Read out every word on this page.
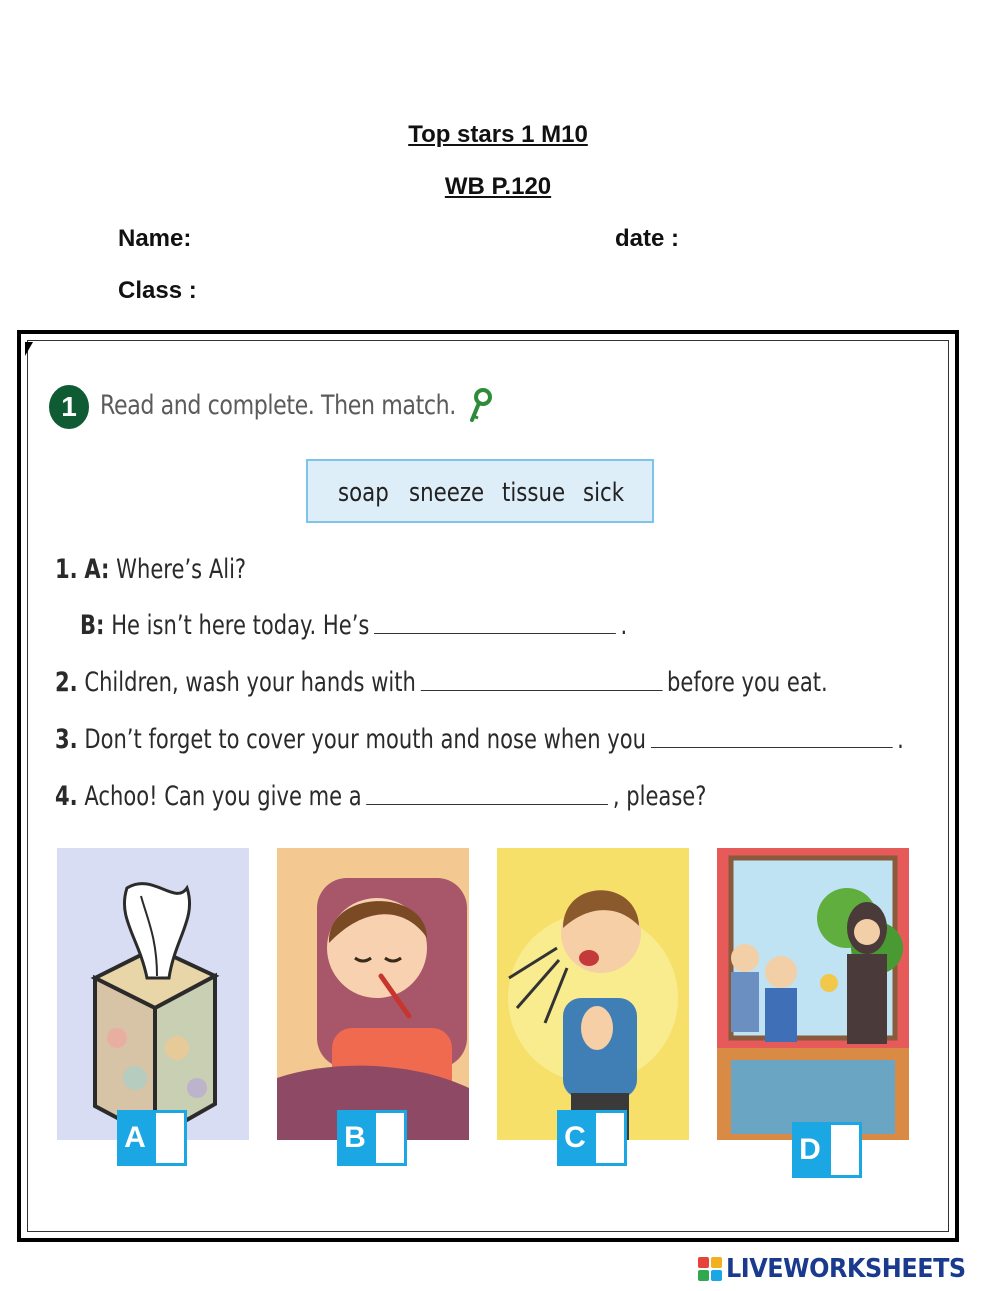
Top stars 1 M10
WB P.120
Name:	date :
Class :
1 Read and complete. Then match.
soap sneeze tissue sick
1. A: Where’s Ali?
B: He isn’t here today. He’s	.
2. Children, wash your hands with	before you eat.
3. Don’t forget to cover your mouth and nose when you	.
4. Achoo! Can you give me a	, please?
A	B	C	D
LIVEWORKSHEETS
